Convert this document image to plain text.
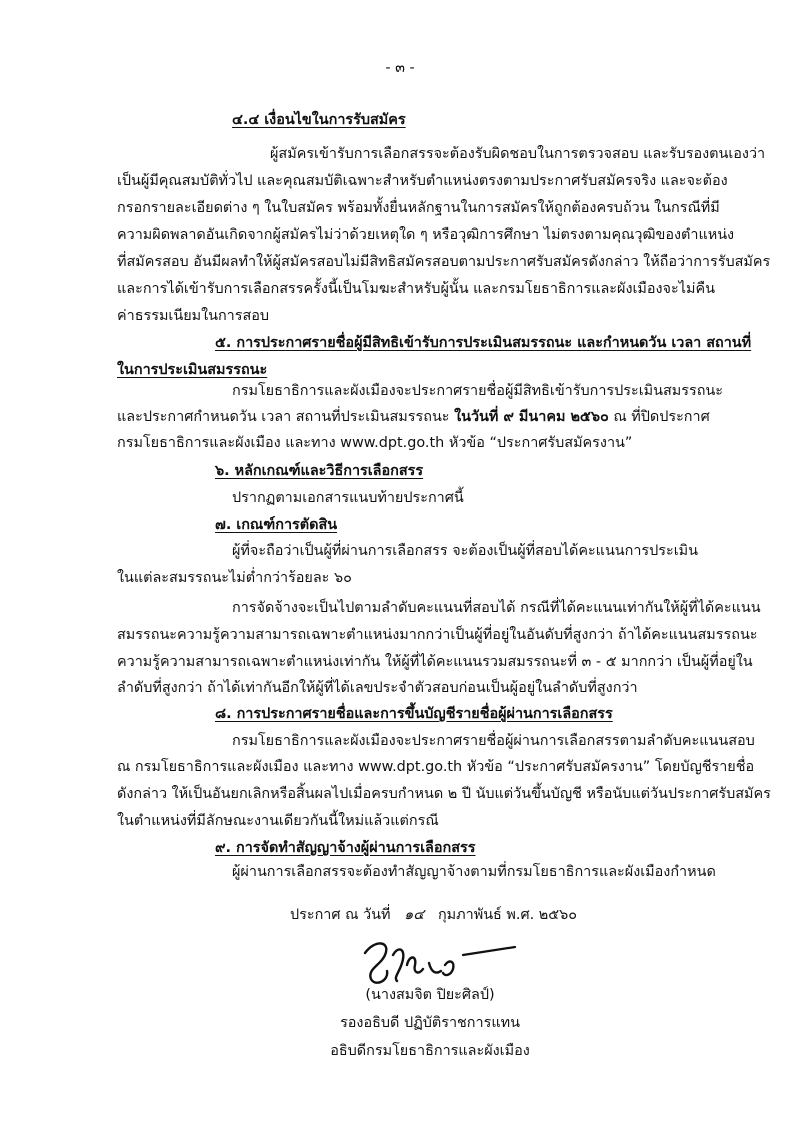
- ๓ -
๔.๔ เงื่อนไขในการรับสมัคร
ผู้สมัครเข้ารับการเลือกสรรจะต้องรับผิดชอบในการตรวจสอบ และรับรองตนเองว่า
เป็นผู้มีคุณสมบัติทั่วไป และคุณสมบัติเฉพาะสำหรับตำแหน่งตรงตามประกาศรับสมัครจริง และจะต้อง
กรอกรายละเอียดต่าง ๆ ในใบสมัคร พร้อมทั้งยื่นหลักฐานในการสมัครให้ถูกต้องครบถ้วน ในกรณีที่มี
ความผิดพลาดอันเกิดจากผู้สมัครไม่ว่าด้วยเหตุใด ๆ หรือวุฒิการศึกษา ไม่ตรงตามคุณวุฒิของตำแหน่ง
ที่สมัครสอบ อันมีผลทำให้ผู้สมัครสอบไม่มีสิทธิสมัครสอบตามประกาศรับสมัครดังกล่าว ให้ถือว่าการรับสมัคร
และการได้เข้ารับการเลือกสรรครั้งนี้เป็นโมฆะสำหรับผู้นั้น และกรมโยธาธิการและผังเมืองจะไม่คืน
ค่าธรรมเนียมในการสอบ
๕. การประกาศรายชื่อผู้มีสิทธิเข้ารับการประเมินสมรรถนะ และกำหนดวัน เวลา สถานที่
ในการประเมินสมรรถนะ
กรมโยธาธิการและผังเมืองจะประกาศรายชื่อผู้มีสิทธิเข้ารับการประเมินสมรรถนะ
และประกาศกำหนดวัน เวลา สถานที่ประเมินสมรรถนะ ในวันที่ ๙ มีนาคม ๒๕๖๐ ณ ที่ปิดประกาศ
กรมโยธาธิการและผังเมือง และทาง www.dpt.go.th หัวข้อ “ประกาศรับสมัครงาน”
๖. หลักเกณฑ์และวิธีการเลือกสรร
ปรากฏตามเอกสารแนบท้ายประกาศนี้
๗. เกณฑ์การตัดสิน
ผู้ที่จะถือว่าเป็นผู้ที่ผ่านการเลือกสรร จะต้องเป็นผู้ที่สอบได้คะแนนการประเมิน
ในแต่ละสมรรถนะไม่ต่ำกว่าร้อยละ ๖๐
การจัดจ้างจะเป็นไปตามลำดับคะแนนที่สอบได้ กรณีที่ได้คะแนนเท่ากันให้ผู้ที่ได้คะแนน
สมรรถนะความรู้ความสามารถเฉพาะตำแหน่งมากกว่าเป็นผู้ที่อยู่ในอันดับที่สูงกว่า ถ้าได้คะแนนสมรรถนะ
ความรู้ความสามารถเฉพาะตำแหน่งเท่ากัน ให้ผู้ที่ได้คะแนนรวมสมรรถนะที่ ๓ - ๕ มากกว่า เป็นผู้ที่อยู่ใน
ลำดับที่สูงกว่า ถ้าได้เท่ากันอีกให้ผู้ที่ได้เลขประจำตัวสอบก่อนเป็นผู้อยู่ในลำดับที่สูงกว่า
๘. การประกาศรายชื่อและการขึ้นบัญชีรายชื่อผู้ผ่านการเลือกสรร
กรมโยธาธิการและผังเมืองจะประกาศรายชื่อผู้ผ่านการเลือกสรรตามลำดับคะแนนสอบ
ณ กรมโยธาธิการและผังเมือง และทาง www.dpt.go.th หัวข้อ “ประกาศรับสมัครงาน” โดยบัญชีรายชื่อ
ดังกล่าว ให้เป็นอันยกเลิกหรือสิ้นผลไปเมื่อครบกำหนด ๒ ปี นับแต่วันขึ้นบัญชี หรือนับแต่วันประกาศรับสมัคร
ในตำแหน่งที่มีลักษณะงานเดียวกันนี้ใหม่แล้วแต่กรณี
๙. การจัดทำสัญญาจ้างผู้ผ่านการเลือกสรร
ผู้ผ่านการเลือกสรรจะต้องทำสัญญาจ้างตามที่กรมโยธาธิการและผังเมืองกำหนด
ประกาศ ณ วันที่ ๑๔ กุมภาพันธ์ พ.ศ. ๒๕๖๐
(นางสมจิต ปิยะศิลป์)
รองอธิบดี ปฏิบัติราชการแทน
อธิบดีกรมโยธาธิการและผังเมือง
